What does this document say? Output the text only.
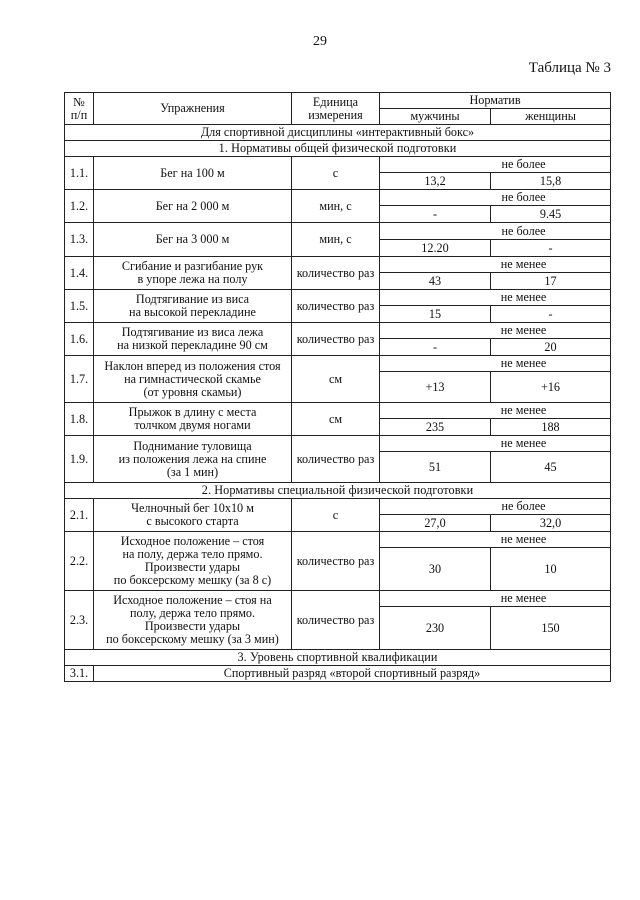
29
Таблица № 3
№
п/п	Упражнения	Единица
измерения	Норматив	
			мужчины	женщины
Для спортивной дисциплины «интерактивный бокс»				
1. Нормативы общей физической подготовки				
1.1.	Бег на 100 м	с	не более	
			13,2	15,8
1.2.	Бег на 2 000 м	мин, с	не более	
			-	9.45
1.3.	Бег на 3 000 м	мин, с	не более	
			12.20	-
1.4.	Сгибание и разгибание рук
в упоре лежа на полу	количество раз	не менее	
			43	17
1.5.	Подтягивание из виса
на высокой перекладине	количество раз	не менее	
			15	-
1.6.	Подтягивание из виса лежа
на низкой перекладине 90 см	количество раз	не менее	
			-	20
1.7.	Наклон вперед из положения стоя
на гимнастической скамье
(от уровня скамьи)	см	не менее	
			+13	+16
1.8.	Прыжок в длину с места
толчком двумя ногами	см	не менее	
			235	188
1.9.	Поднимание туловища
из положения лежа на спине
(за 1 мин)	количество раз	не менее	
			51	45
2. Нормативы специальной физической подготовки				
2.1.	Челночный бег 10х10 м
с высокого старта	с	не более	
			27,0	32,0
2.2.	Исходное положение – стоя
на полу, держа тело прямо.
Произвести удары
по боксерскому мешку (за 8 с)	количество раз	не менее	
			30	10
2.3.	Исходное положение – стоя на
полу, держа тело прямо.
Произвести удары
по боксерскому мешку (за 3 мин)	количество раз	не менее	
			230	150
3. Уровень спортивной квалификации				
3.1.	Спортивный разряд «второй спортивный разряд»			
